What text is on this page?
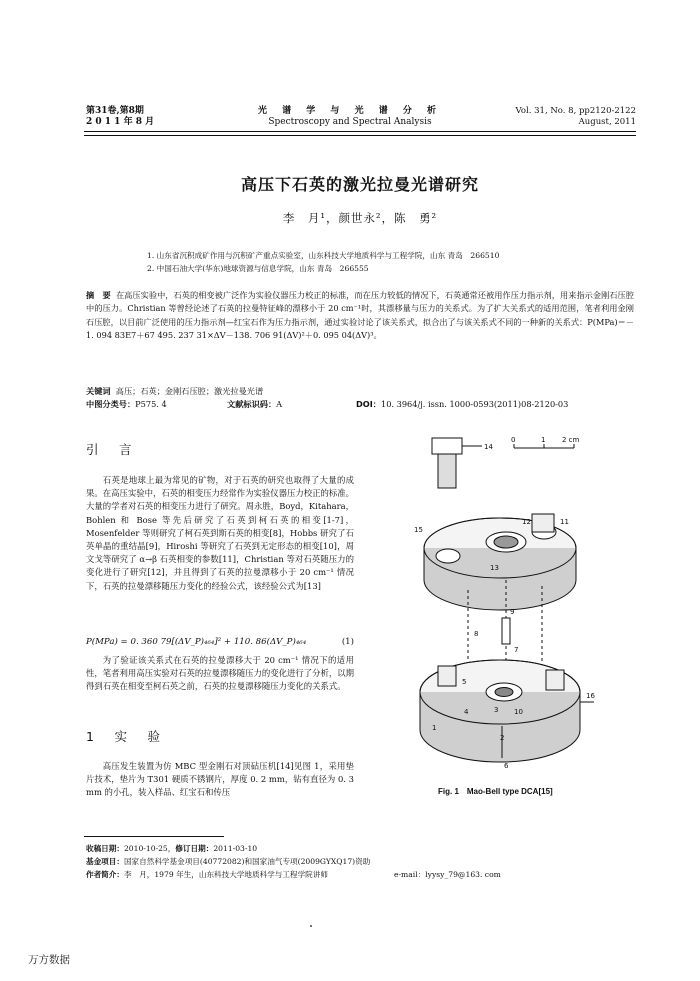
第31卷,第8期
2 0 1 1 年 8 月
光 谱 学 与 光 谱 分 析
Spectroscopy and Spectral Analysis
Vol. 31, No. 8, pp2120-2122
August, 2011
高压下石英的激光拉曼光谱研究
李　月¹，颜世永²，陈　勇²
1. 山东省沉积成矿作用与沉积矿产重点实验室，山东科技大学地质科学与工程学院，山东 青岛　266510
2. 中国石油大学(华东)地球资源与信息学院，山东 青岛　266555
摘　要 在高压实验中，石英的相变被广泛作为实验仪器压力校正的标准，而在压力较低的情况下，石英通常还被用作压力指示剂，用来指示金刚石压腔中的压力。Christian 等曾经论述了石英的拉曼特征峰的漂移小于 20 cm⁻¹时，其漂移量与压力的关系式。为了扩大关系式的适用范围，笔者利用金刚石压腔，以目前广泛使用的压力指示剂—红宝石作为压力指示剂，通过实验讨论了该关系式，拟合出了与该关系式不同的一种新的关系式：P(MPa)＝－1. 094 83E7＋67 495. 237 31×ΔV－138. 706 91(ΔV)²＋0. 095 04(ΔV)³。
关键词 高压；石英；金刚石压腔；激光拉曼光谱
中图分类号： P575. 4	文献标识码： A	DOI： 10. 3964/j. issn. 1000-0593(2011)08-2120-03
引　言

石英是地球上最为常见的矿物，对于石英的研究也取得了大量的成果。在高压实验中，石英的相变压力经常作为实验仪器压力校正的标准。大量的学者对石英的相变压力进行了研究。周永胜，Boyd，Kitahara，Bohlen 和 Bose 等先后研究了石英到柯石英的相变[1-7]，Mosenfelder 等则研究了柯石英到斯石英的相变[8]，Hobbs 研究了石英单晶的重结晶[9]，Hiroshi 等研究了石英到无定形态的相变[10]，周文戈等研究了 α→β 石英相变的参数[11]，Christian 等对石英随压力的变化进行了研究[12]，并且得到了石英的拉曼漂移小于 20 cm⁻¹ 情况下，石英的拉曼漂移随压力变化的经验公式，该经验公式为[13]

P(MPa) = 0. 360 79[(ΔV_P)₄₆₄]² + 110. 86(ΔV_P)₄₆₄	(1)

为了验证该关系式在石英的拉曼漂移大于 20 cm⁻¹ 情况下的适用性，笔者利用高压实验对石英的拉曼漂移随压力的变化进行了分析，以期得到石英在相变至柯石英之前，石英的拉曼漂移随压力变化的关系式。

1　实　验

高压发生装置为仿 MBC 型金刚石对顶砧压机[14]见图 1，采用垫片技术，垫片为 T301 硬质不锈钢片，厚度 0. 2 mm，钻有直径为 0. 3 mm 的小孔，装入样品、红宝石和传压

0	1 2 cm
14
15
12
13
11
9
8
7
5
16
4	3 10
2
1
6
Fig. 1　Mao-Bell type DCA[15]
收稿日期：2010-10-25，修订日期：2011-03-10
基金项目：国家自然科学基金项目(40772082)和国家油气专项(2009GYXQ17)资助
作者简介：李　月，1979 年生，山东科技大学地质科学与工程学院讲师	e-mail：lyysy_79@163. com
万方数据
